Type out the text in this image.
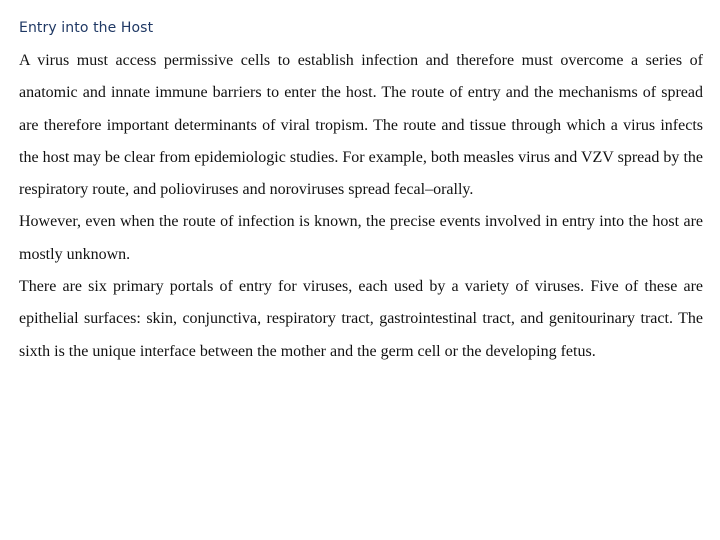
Entry into the Host

A virus must access permissive cells to establish infection and therefore must overcome a series of anatomic and innate immune barriers to enter the host. The route of entry and the mechanisms of spread are therefore important determinants of viral tropism. The route and tissue through which a virus infects the host may be clear from epidemiologic studies. For example, both measles virus and VZV spread by the respiratory route, and polioviruses and noroviruses spread fecal–orally.

However, even when the route of infection is known, the precise events involved in entry into the host are mostly unknown.

There are six primary portals of entry for viruses, each used by a variety of viruses. Five of these are epithelial surfaces: skin, conjunctiva, respiratory tract, gastrointestinal tract, and genitourinary tract. The sixth is the unique interface between the mother and the germ cell or the developing fetus.
